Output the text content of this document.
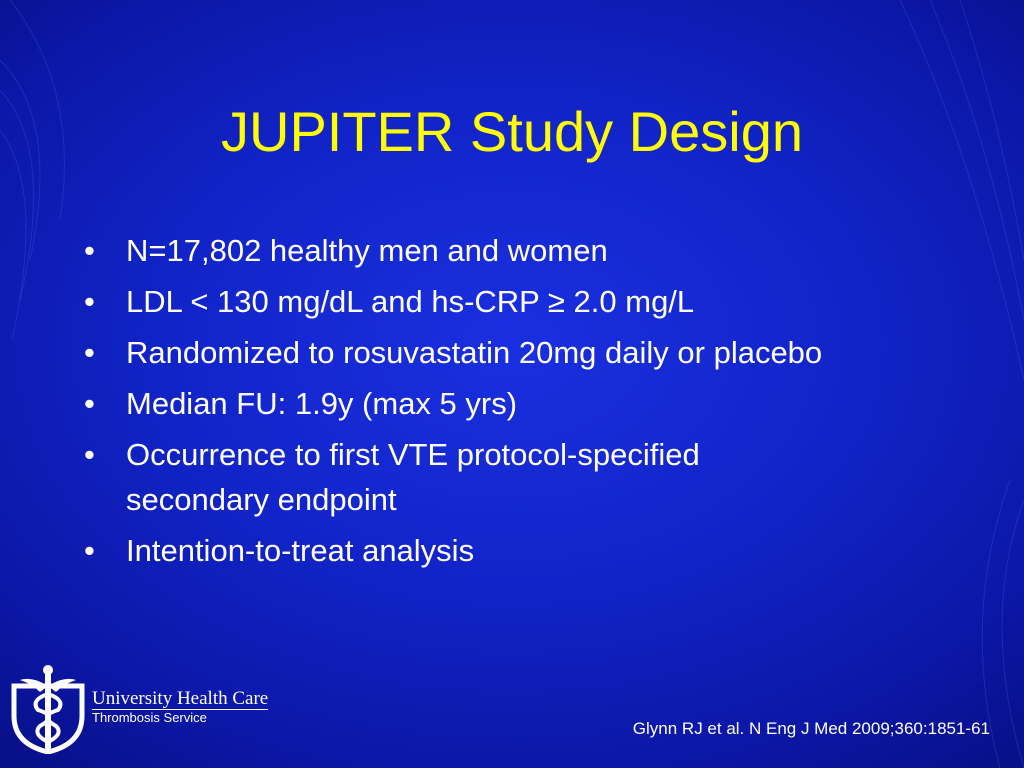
JUPITER Study Design
•	N=17,802 healthy men and women
•	LDL < 130 mg/dL and hs-CRP ≥ 2.0 mg/L
•	Randomized to rosuvastatin 20mg daily or placebo
•	Median FU: 1.9y (max 5 yrs)
•	Occurrence to first VTE protocol-specified secondary endpoint
•	Intention-to-treat analysis
University Health Care
Thrombosis Service
Glynn RJ et al. N Eng J Med 2009;360:1851-61
